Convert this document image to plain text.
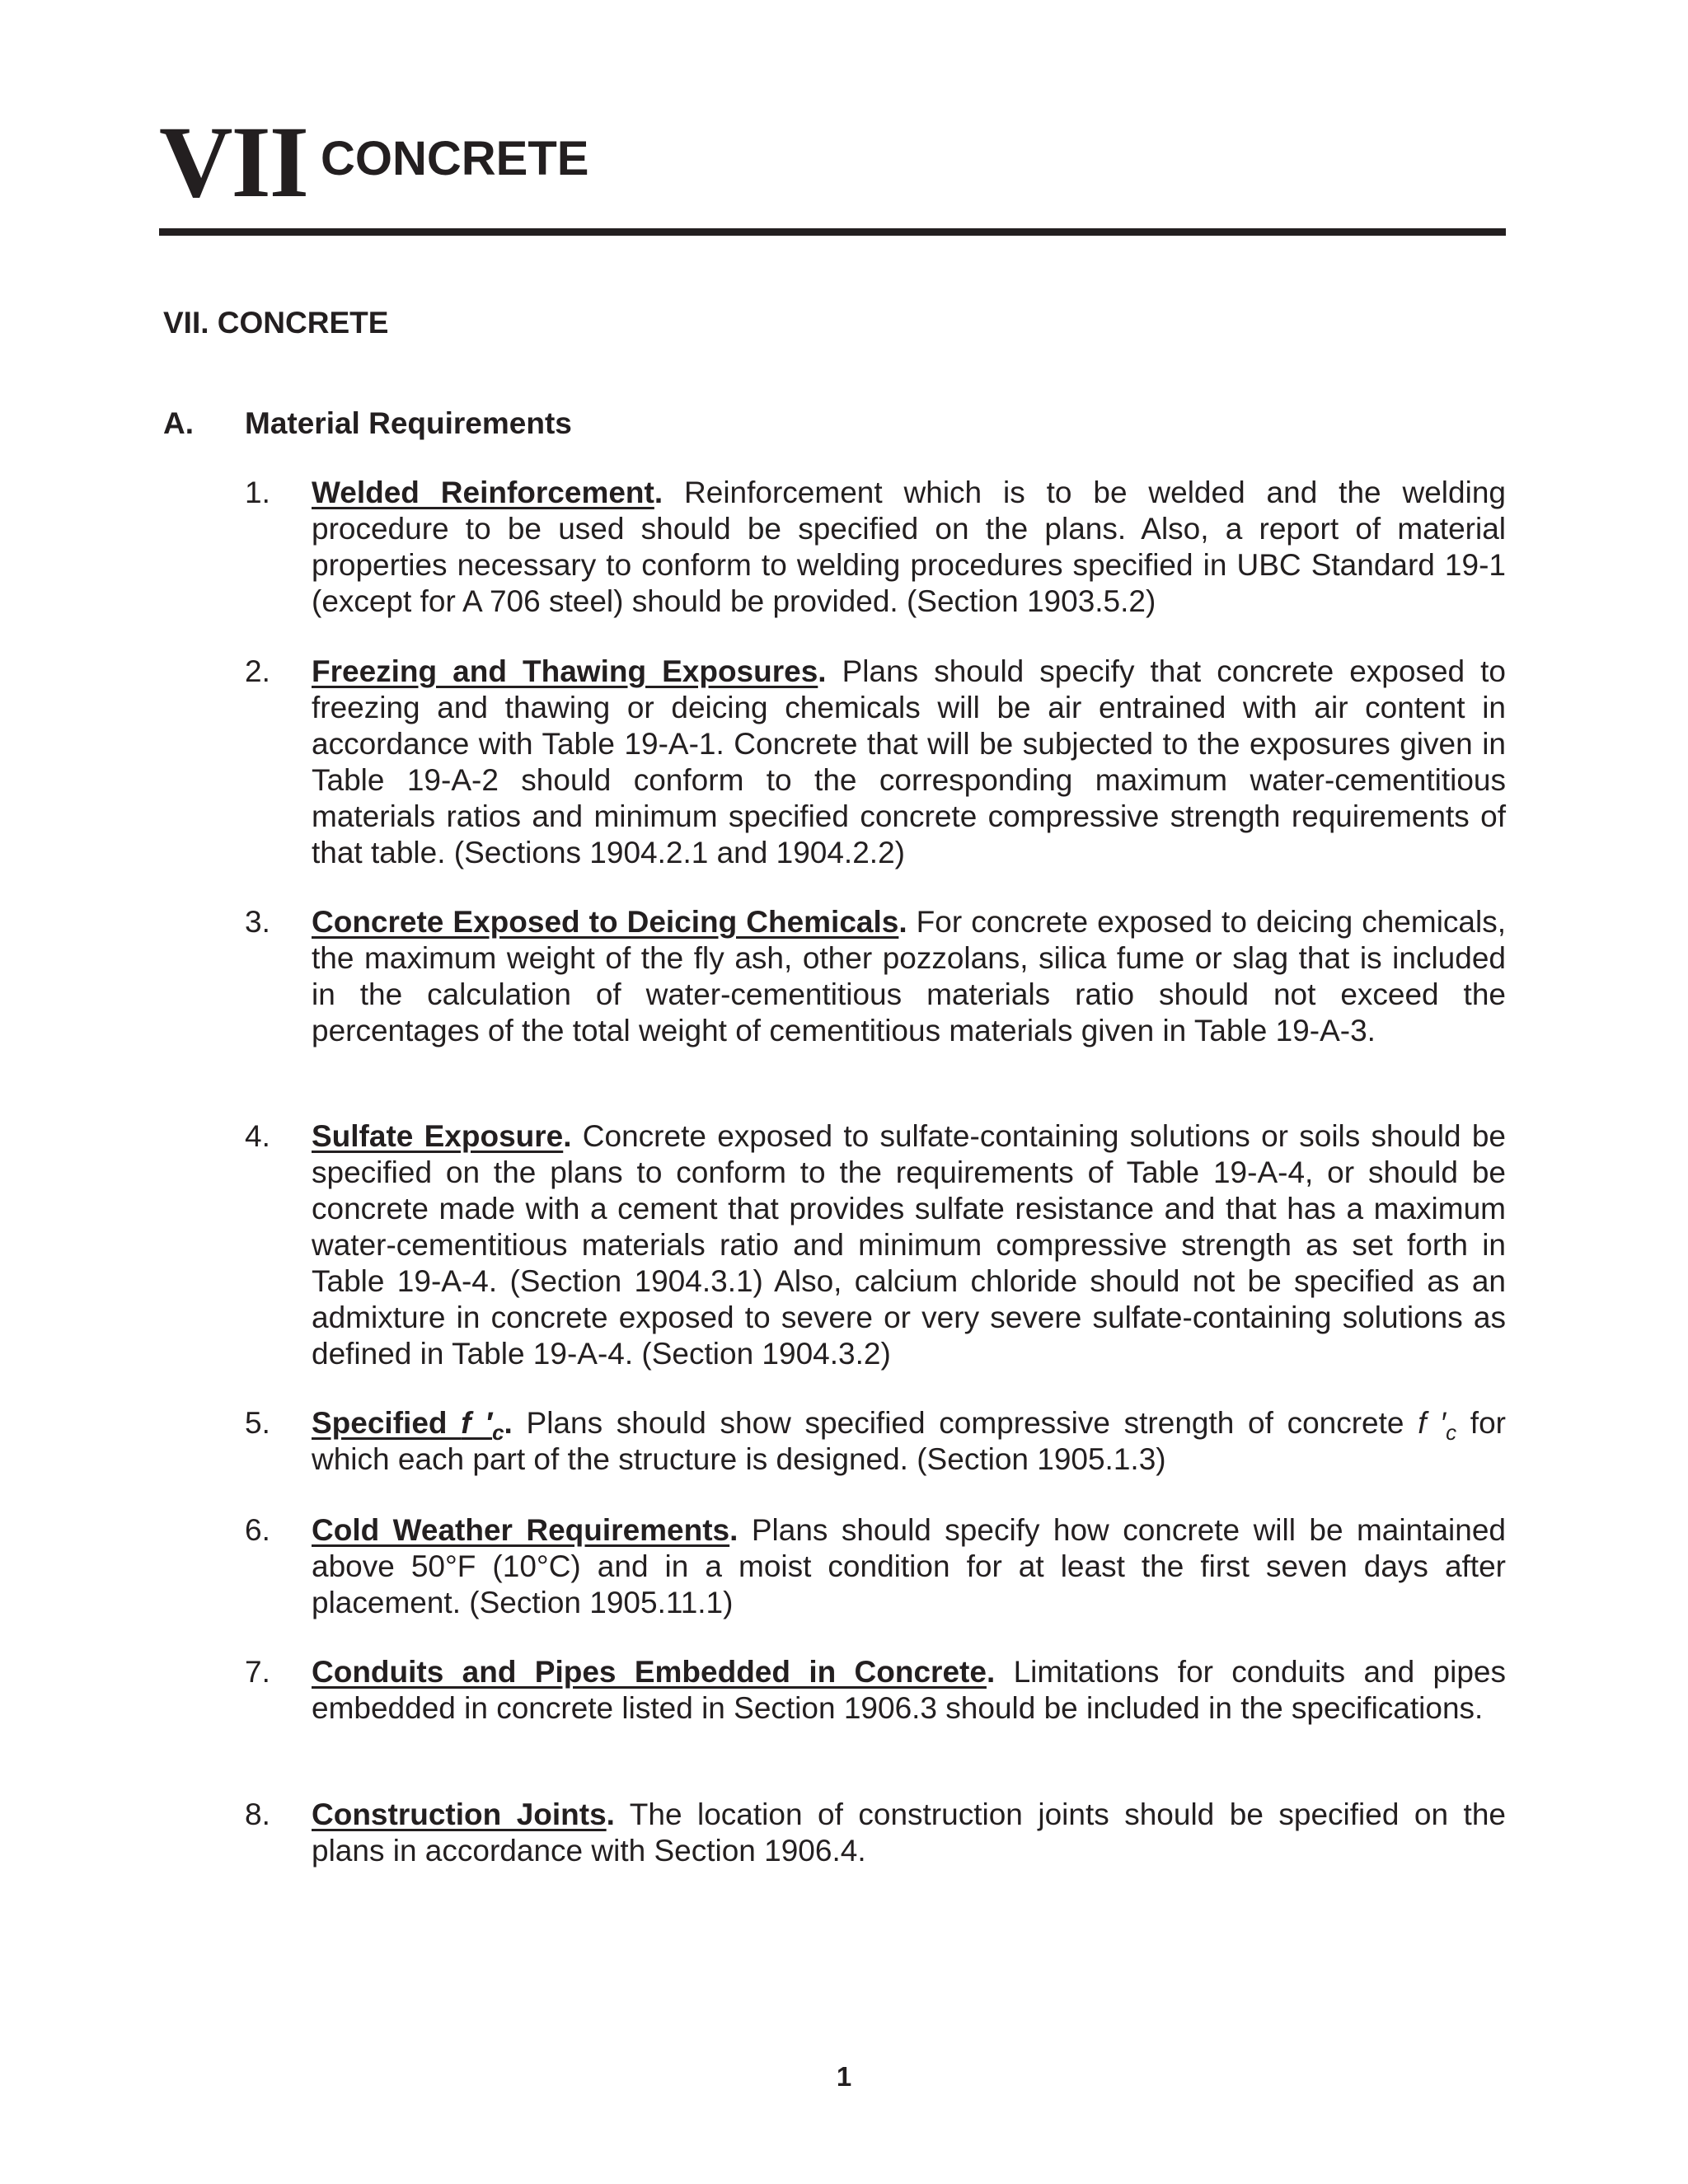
VII CONCRETE
VII. CONCRETE
A. Material Requirements
1.	Welded Reinforcement. Reinforcement which is to be welded and the welding procedure to be used should be specified on the plans. Also, a report of material properties necessary to conform to welding procedures specified in UBC Standard 19-1 (except for A 706 steel) should be provided. (Section 1903.5.2)
2.	Freezing and Thawing Exposures. Plans should specify that concrete exposed to freezing and thawing or deicing chemicals will be air entrained with air content in accordance with Table 19-A-1. Concrete that will be subjected to the exposures given in Table 19-A-2 should conform to the corresponding maximum water-cementitious materials ratios and minimum specified concrete compressive strength requirements of that table. (Sections 1904.2.1 and 1904.2.2)
3.	Concrete Exposed to Deicing Chemicals. For concrete exposed to deicing chemicals, the maximum weight of the fly ash, other pozzolans, silica fume or slag that is included in the calculation of water-cementitious materials ratio should not exceed the percentages of the total weight of cementitious materials given in Table 19-A-3.
4.	Sulfate Exposure. Concrete exposed to sulfate-containing solutions or soils should be specified on the plans to conform to the requirements of Table 19-A-4, or should be concrete made with a cement that provides sulfate resistance and that has a maximum water-cementitious materials ratio and minimum compressive strength as set forth in Table 19-A-4. (Section 1904.3.1) Also, calcium chloride should not be specified as an admixture in concrete exposed to severe or very severe sulfate-containing solutions as defined in Table 19-A-4. (Section 1904.3.2)
5.	Specified f $'_c$. Plans should show specified compressive strength of concrete f $'_c$ for which each part of the structure is designed. (Section 1905.1.3)
6.	Cold Weather Requirements. Plans should specify how concrete will be maintained above 50°F (10°C) and in a moist condition for at least the first seven days after placement. (Section 1905.11.1)
7.	Conduits and Pipes Embedded in Concrete. Limitations for conduits and pipes embedded in concrete listed in Section 1906.3 should be included in the specifications.
8.	Construction Joints. The location of construction joints should be specified on the plans in accordance with Section 1906.4.
1
